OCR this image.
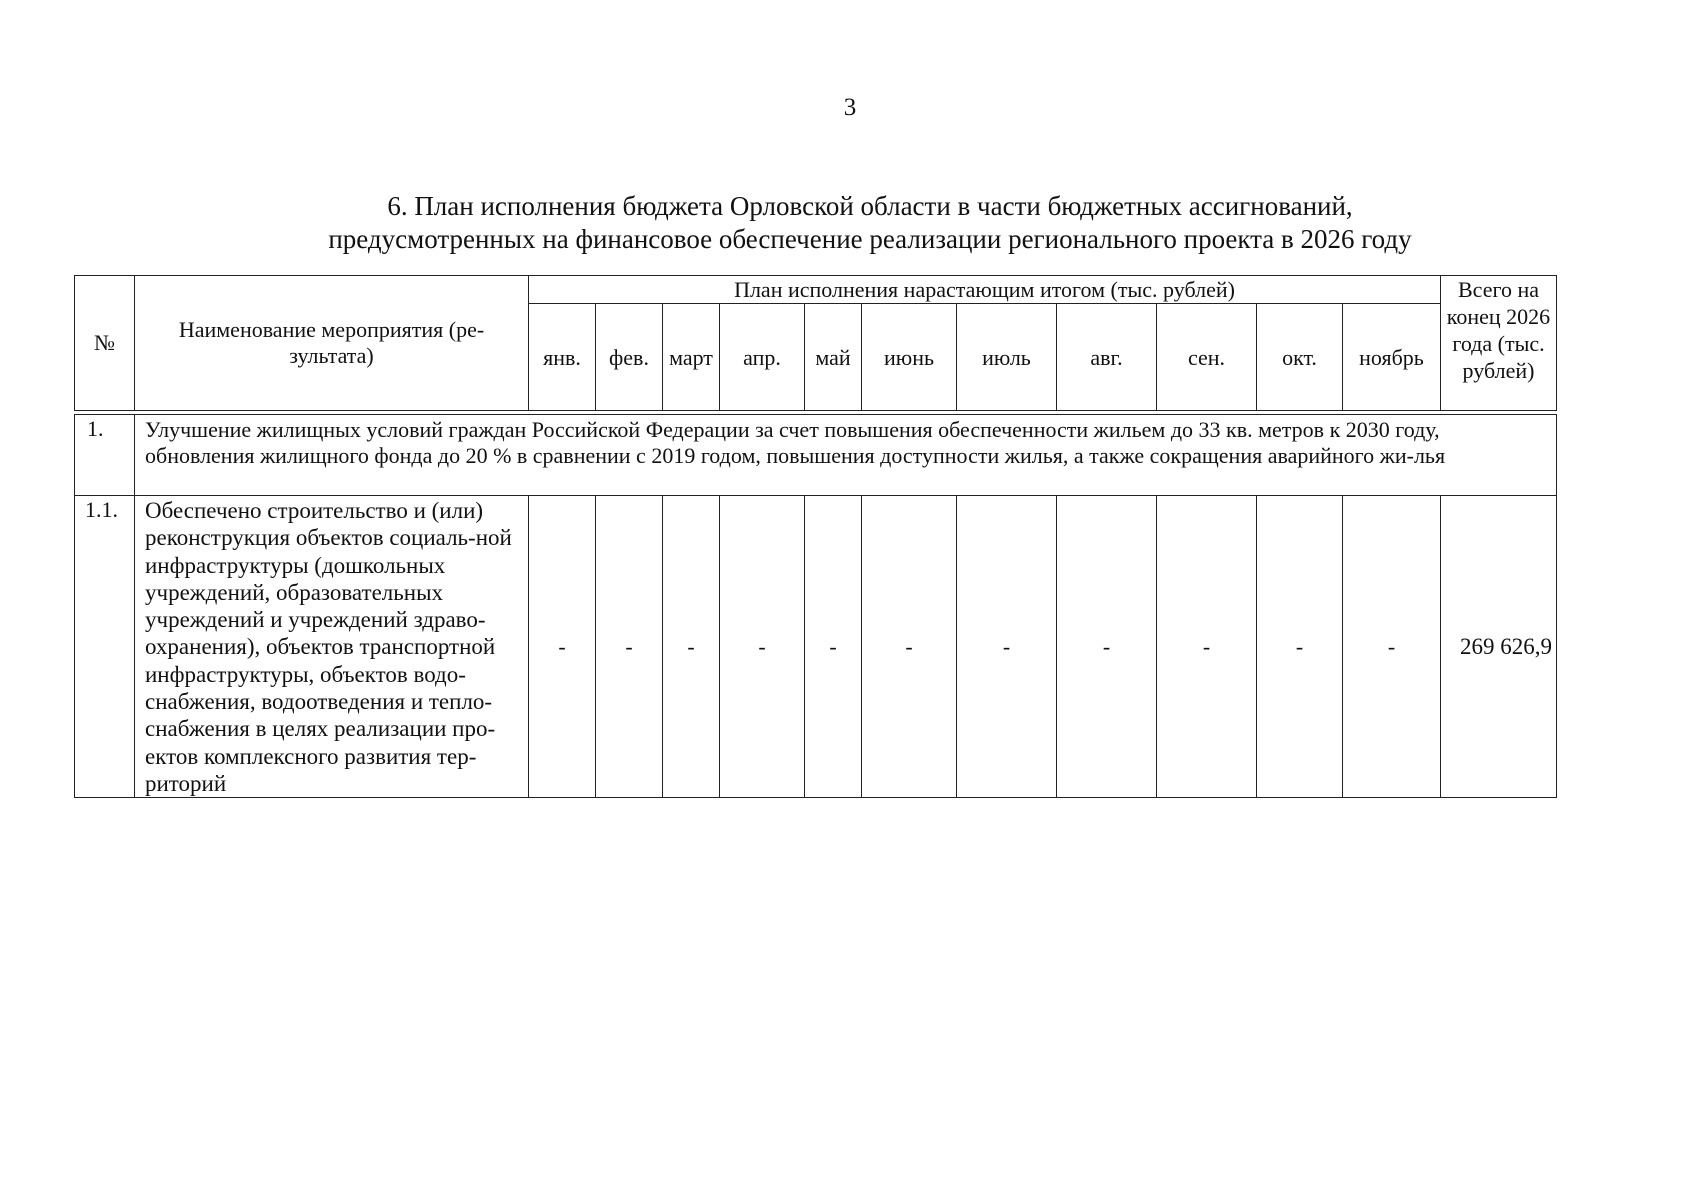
3
6. План исполнения бюджета Орловской области в части бюджетных ассигнований,
предусмотренных на финансовое обеспечение реализации регионального проекта в 2026 году
№	Наименование мероприятия (ре-зультата)	План исполнения нарастающим итогом (тыс. рублей)											Всего на конец 2026 года (тыс. рублей)
		янв.	фев.	март	апр.	май	июнь	июль	авг.	сен.	окт.	ноябрь	

1.	Улучшение жилищных условий граждан Российской Федерации за счет повышения обеспеченности жильем до 33 кв. метров к 2030 году, обновления жилищного фонда до 20 % в сравнении с 2019 годом, повышения доступности жилья, а также сокращения аварийного жи-лья												
1.1.	Обеспечено строительство и (или) реконструкция объектов социаль-ной инфраструктуры (дошкольных учреждений, образовательных учреждений и учреждений здраво-охранения), объектов транспортной инфраструктуры, объектов водо-снабжения, водоотведения и тепло-снабжения в целях реализации про-ектов комплексного развития тер-риторий	-	-	-	-	-	-	-	-	-	-	-	269 626,9
